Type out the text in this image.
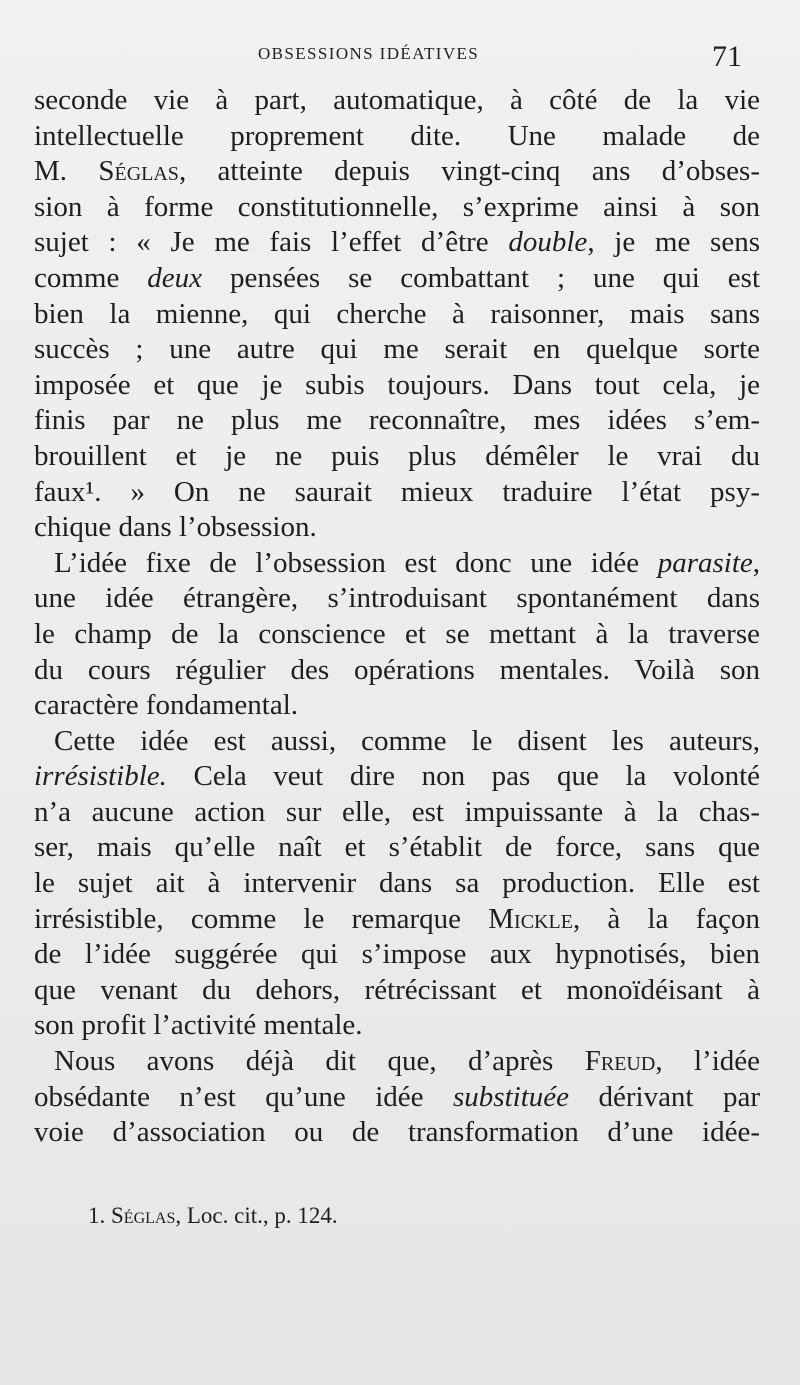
OBSESSIONS IDÉATIVES	71
seconde vie à part, automatique, à côté de la vie
intellectuelle proprement dite. Une malade de
M. Séglas, atteinte depuis vingt-cinq ans d’obses-
sion à forme constitutionnelle, s’exprime ainsi à son
sujet : « Je me fais l’effet d’être double, je me sens
comme deux pensées se combattant ; une qui est
bien la mienne, qui cherche à raisonner, mais sans
succès ; une autre qui me serait en quelque sorte
imposée et que je subis toujours. Dans tout cela, je
finis par ne plus me reconnaître, mes idées s’em-
brouillent et je ne puis plus démêler le vrai du
faux¹. » On ne saurait mieux traduire l’état psy-
chique dans l’obsession.
L’idée fixe de l’obsession est donc une idée parasite,
une idée étrangère, s’introduisant spontanément dans
le champ de la conscience et se mettant à la traverse
du cours régulier des opérations mentales. Voilà son
caractère fondamental.
Cette idée est aussi, comme le disent les auteurs,
irrésistible. Cela veut dire non pas que la volonté
n’a aucune action sur elle, est impuissante à la chas-
ser, mais qu’elle naît et s’établit de force, sans que
le sujet ait à intervenir dans sa production. Elle est
irrésistible, comme le remarque Mickle, à la façon
de l’idée suggérée qui s’impose aux hypnotisés, bien
que venant du dehors, rétrécissant et monoïdéisant à
son profit l’activité mentale.
Nous avons déjà dit que, d’après Freud, l’idée
obsédante n’est qu’une idée substituée dérivant par
voie d’association ou de transformation d’une idée-
1. Séglas, Loc. cit., p. 124.
